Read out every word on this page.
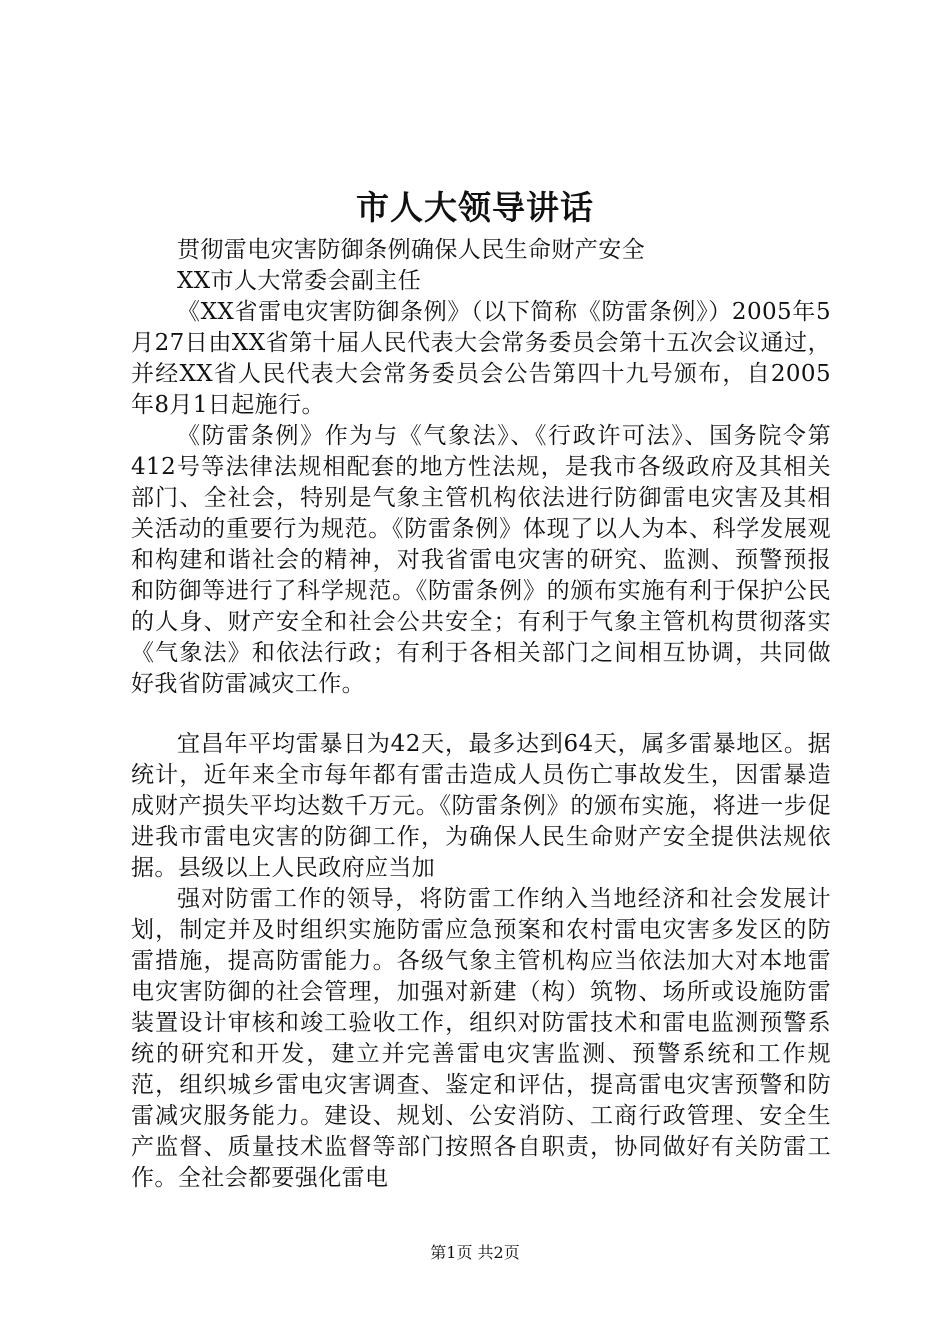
市人大领导讲话

贯彻雷电灾害防御条例确保人民生命财产安全

XX市人大常委会副主任

《XX省雷电灾害防御条例》（以下简称《防雷条例》）2005年5月27日由XX省第十届人民代表大会常务委员会第十五次会议通过，并经XX省人民代表大会常务委员会公告第四十九号颁布，自2005年8月1日起施行。

《防雷条例》作为与《气象法》、《行政许可法》、国务院令第412号等法律法规相配套的地方性法规，是我市各级政府及其相关部门、全社会，特别是气象主管机构依法进行防御雷电灾害及其相关活动的重要行为规范。《防雷条例》体现了以人为本、科学发展观和构建和谐社会的精神，对我省雷电灾害的研究、监测、预警预报和防御等进行了科学规范。《防雷条例》的颁布实施有利于保护公民的人身、财产安全和社会公共安全；有利于气象主管机构贯彻落实《气象法》和依法行政；有利于各相关部门之间相互协调，共同做好我省防雷减灾工作。

宜昌年平均雷暴日为42天，最多达到64天，属多雷暴地区。据统计，近年来全市每年都有雷击造成人员伤亡事故发生，因雷暴造成财产损失平均达数千万元。《防雷条例》的颁布实施，将进一步促进我市雷电灾害的防御工作，为确保人民生命财产安全提供法规依据。县级以上人民政府应当加

强对防雷工作的领导，将防雷工作纳入当地经济和社会发展计划，制定并及时组织实施防雷应急预案和农村雷电灾害多发区的防雷措施，提高防雷能力。各级气象主管机构应当依法加大对本地雷电灾害防御的社会管理，加强对新建（构）筑物、场所或设施防雷装置设计审核和竣工验收工作，组织对防雷技术和雷电监测预警系统的研究和开发，建立并完善雷电灾害监测、预警系统和工作规范，组织城乡雷电灾害调查、鉴定和评估，提高雷电灾害预警和防雷减灾服务能力。建设、规划、公安消防、工商行政管理、安全生产监督、质量技术监督等部门按照各自职责，协同做好有关防雷工作。全社会都要强化雷电

第1页 共2页
